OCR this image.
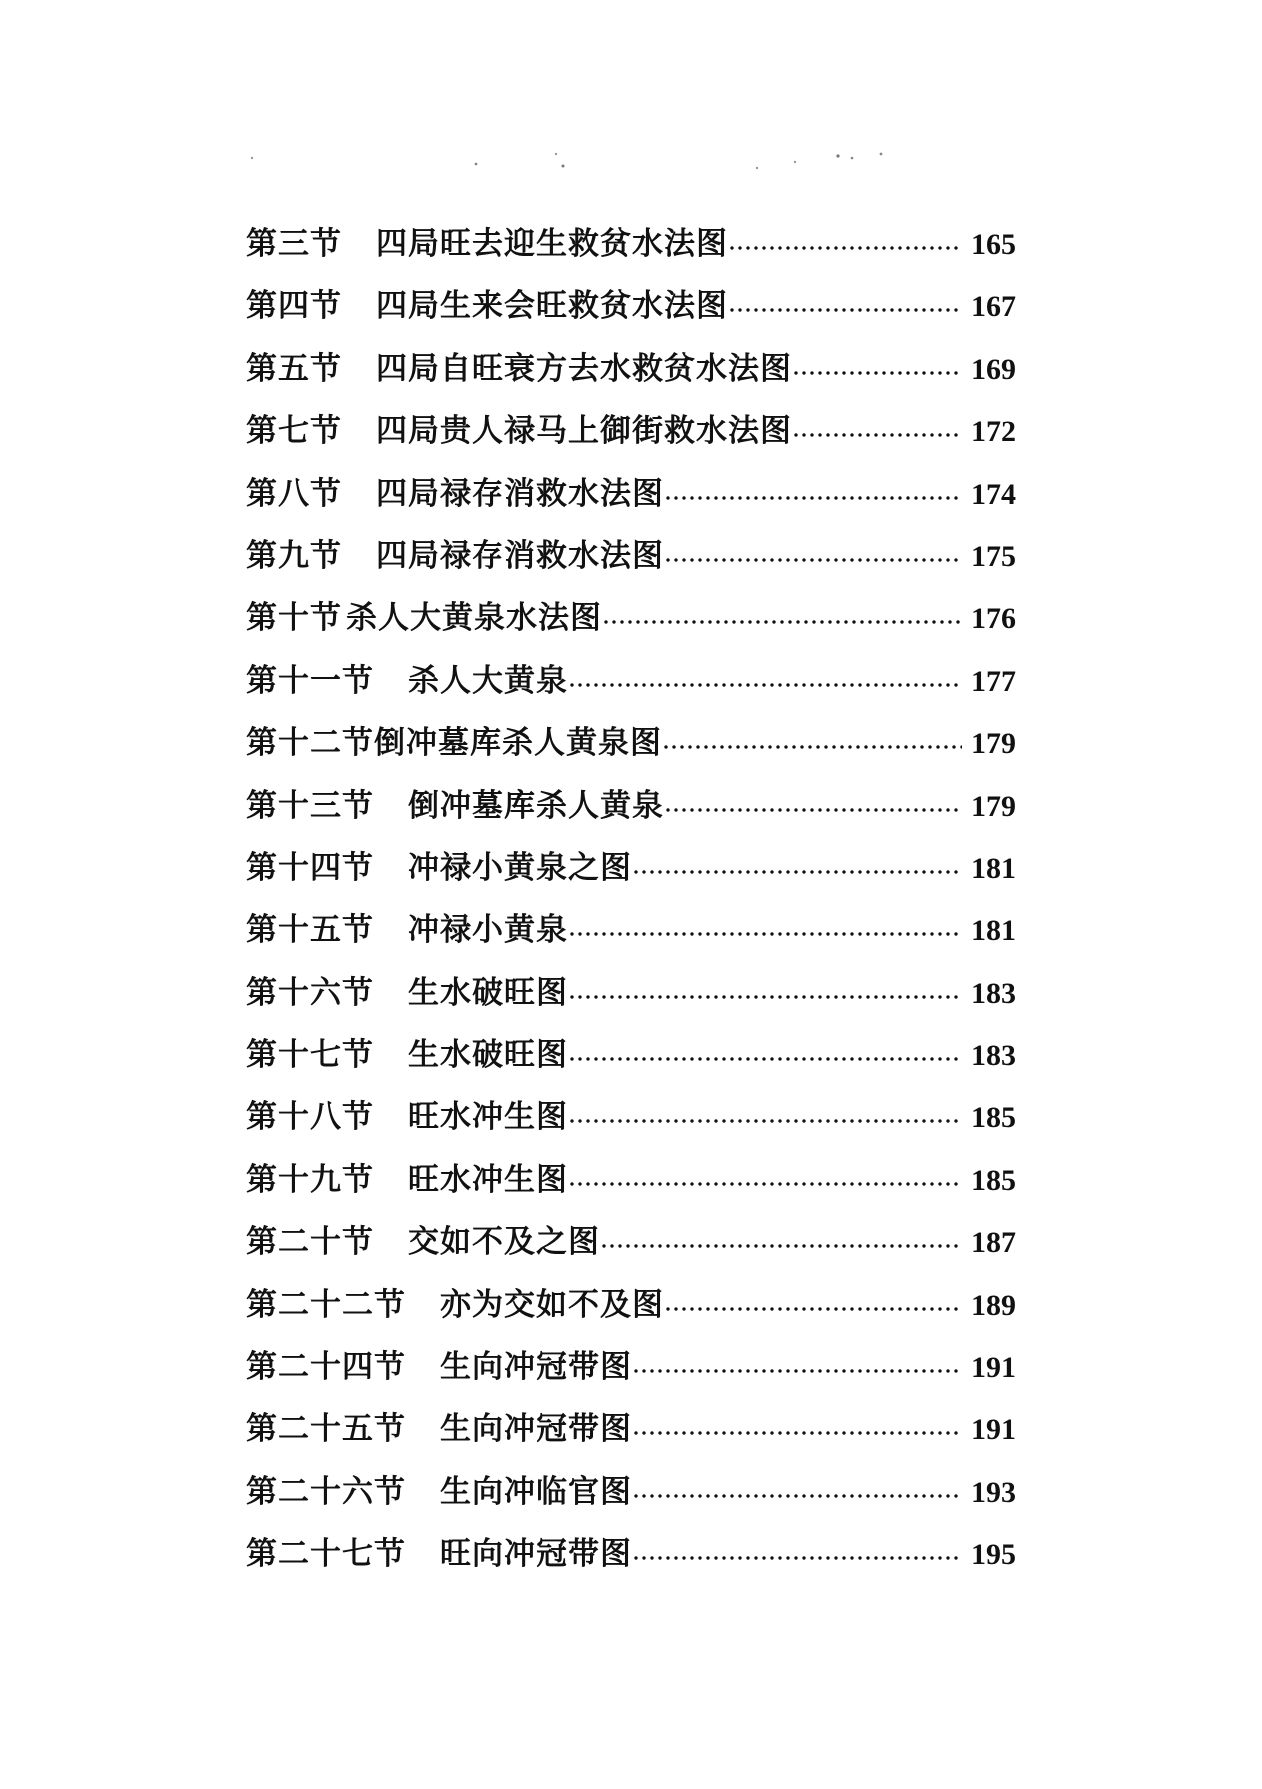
第三节 四局旺去迎生救贫水法图	165
第四节 四局生来会旺救贫水法图	167
第五节 四局自旺衰方去水救贫水法图	169
第七节 四局贵人禄马上御街救水法图	172
第八节 四局禄存消救水法图	174
第九节 四局禄存消救水法图	175
第十节 杀人大黄泉水法图	176
第十一节 杀人大黄泉	177
第十二节 倒冲墓库杀人黄泉图	179
第十三节 倒冲墓库杀人黄泉	179
第十四节 冲禄小黄泉之图	181
第十五节 冲禄小黄泉	181
第十六节 生水破旺图	183
第十七节 生水破旺图	183
第十八节 旺水冲生图	185
第十九节 旺水冲生图	185
第二十节 交如不及之图	187
第二十二节 亦为交如不及图	189
第二十四节 生向冲冠带图	191
第二十五节 生向冲冠带图	191
第二十六节 生向冲临官图	193
第二十七节 旺向冲冠带图	195
